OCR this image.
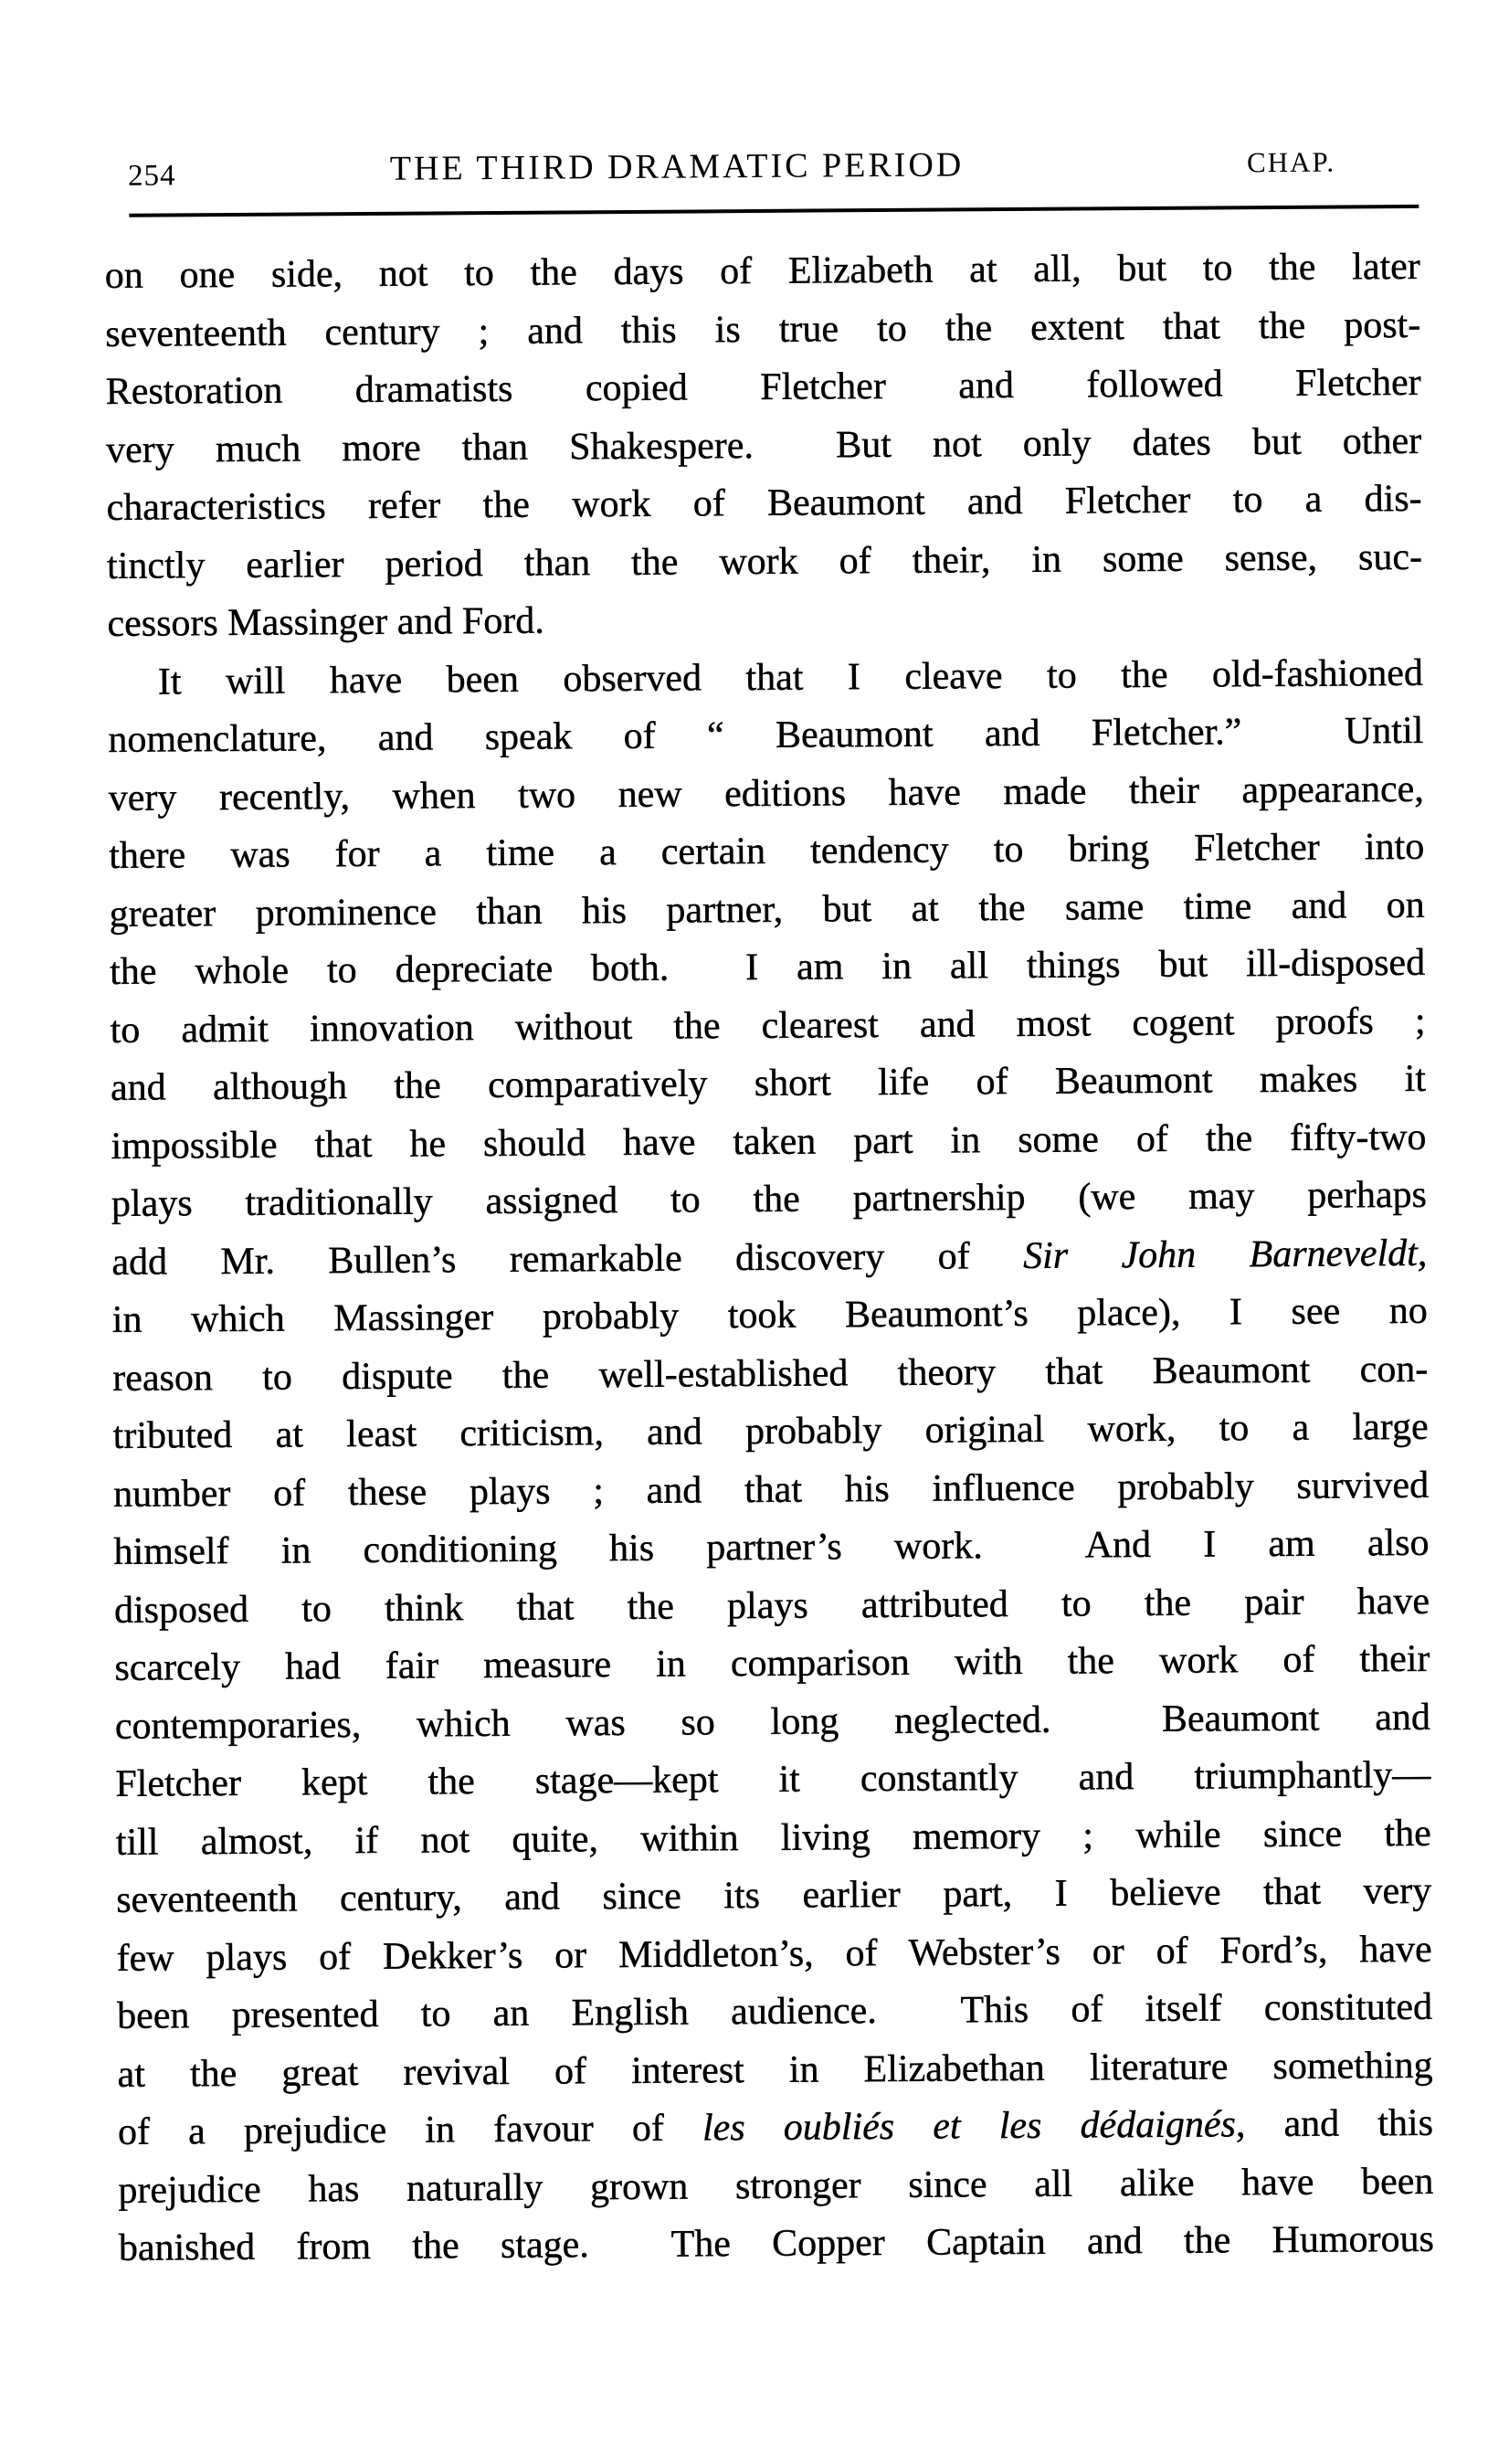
254	THE THIRD DRAMATIC PERIOD	CHAP.
on one side, not to the days of Elizabeth at all, but to the later
seventeenth century ; and this is true to the extent that the post-
Restoration dramatists copied Fletcher and followed Fletcher
very much more than Shakespere.  But not only dates but other
characteristics refer the work of Beaumont and Fletcher to a dis-
tinctly earlier period than the work of their, in some sense, suc-
cessors Massinger and Ford.
It will have been observed that I cleave to the old-fashioned
nomenclature, and speak of “ Beaumont and Fletcher.”  Until
very recently, when two new editions have made their appearance,
there was for a time a certain tendency to bring Fletcher into
greater prominence than his partner, but at the same time and on
the whole to depreciate both.  I am in all things but ill-disposed
to admit innovation without the clearest and most cogent proofs ;
and although the comparatively short life of Beaumont makes it
impossible that he should have taken part in some of the fifty-two
plays traditionally assigned to the partnership (we may perhaps
add Mr. Bullen’s remarkable discovery of Sir John Barneveldt,
in which Massinger probably took Beaumont’s place), I see no
reason to dispute the well-established theory that Beaumont con-
tributed at least criticism, and probably original work, to a large
number of these plays ; and that his influence probably survived
himself in conditioning his partner’s work.  And I am also
disposed to think that the plays attributed to the pair have
scarcely had fair measure in comparison with the work of their
contemporaries, which was so long neglected.  Beaumont and
Fletcher kept the stage—kept it constantly and triumphantly—
till almost, if not quite, within living memory ; while since the
seventeenth century, and since its earlier part, I believe that very
few plays of Dekker’s or Middleton’s, of Webster’s or of Ford’s, have
been presented to an English audience.  This of itself constituted
at the great revival of interest in Elizabethan literature something
of a prejudice in favour of les oubliés et les dédaignés, and this
prejudice has naturally grown stronger since all alike have been
banished from the stage.  The Copper Captain and the Humorous
